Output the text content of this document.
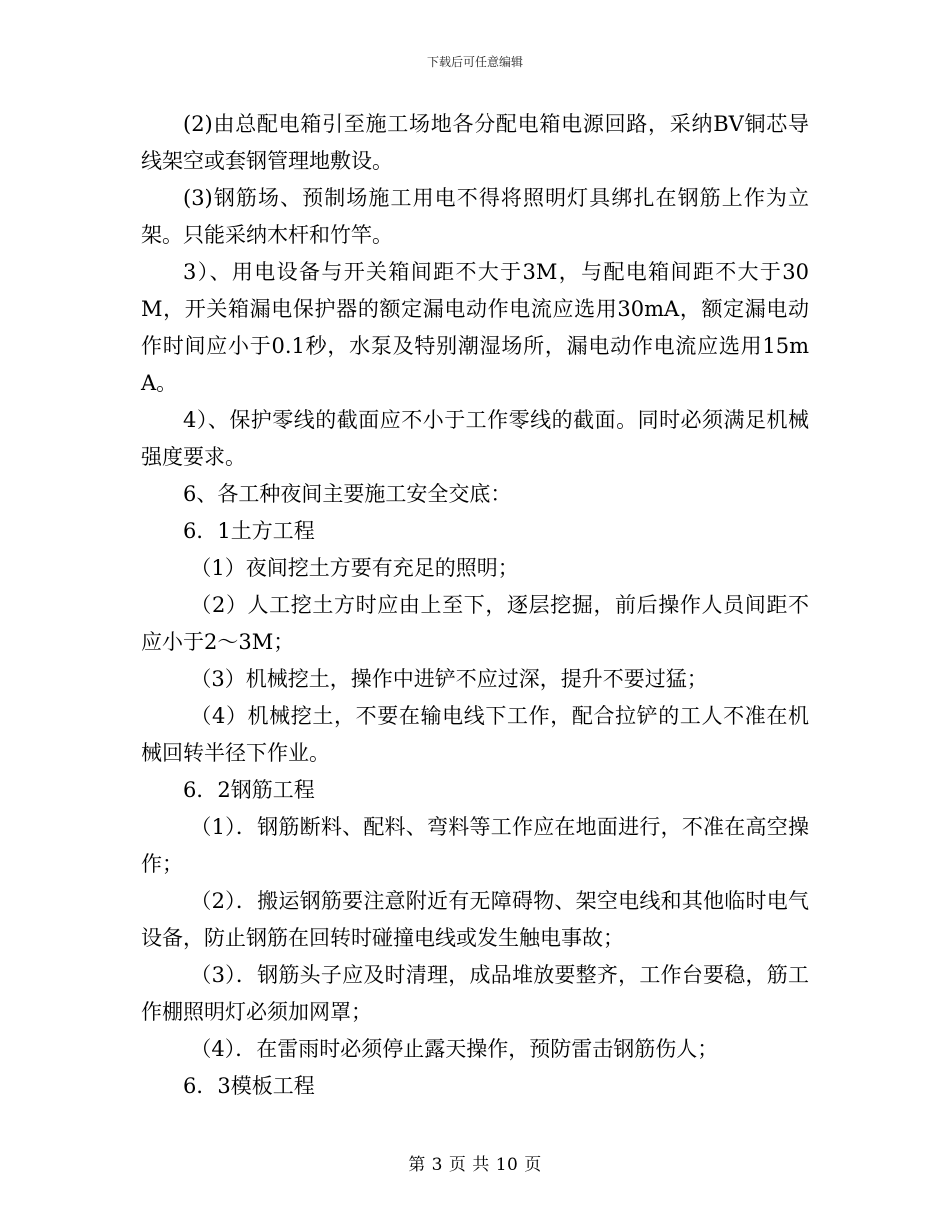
下载后可任意编辑

(2)由总配电箱引至施工场地各分配电箱电源回路，采纳BV铜芯导线架空或套钢管理地敷设。

(3)钢筋场、预制场施工用电不得将照明灯具绑扎在钢筋上作为立架。只能采纳木杆和竹竿。

3）、用电设备与开关箱间距不大于3M，与配电箱间距不大于30M，开关箱漏电保护器的额定漏电动作电流应选用30mA，额定漏电动作时间应小于0.1秒，水泵及特别潮湿场所，漏电动作电流应选用15mA。

4）、保护零线的截面应不小于工作零线的截面。同时必须满足机械强度要求。

6、各工种夜间主要施工安全交底：

6．1土方工程

（1）夜间挖土方要有充足的照明；

（2）人工挖土方时应由上至下，逐层挖掘，前后操作人员间距不应小于2～3M；

（3）机械挖土，操作中进铲不应过深，提升不要过猛；

（4）机械挖土，不要在输电线下工作，配合拉铲的工人不准在机械回转半径下作业。

6．2钢筋工程

（1）．钢筋断料、配料、弯料等工作应在地面进行，不准在高空操作；

（2）．搬运钢筋要注意附近有无障碍物、架空电线和其他临时电气设备，防止钢筋在回转时碰撞电线或发生触电事故；

（3）．钢筋头子应及时清理，成品堆放要整齐，工作台要稳，筋工作棚照明灯必须加网罩；

（4）．在雷雨时必须停止露天操作，预防雷击钢筋伤人；

6．3模板工程

第 3 页 共 10 页
